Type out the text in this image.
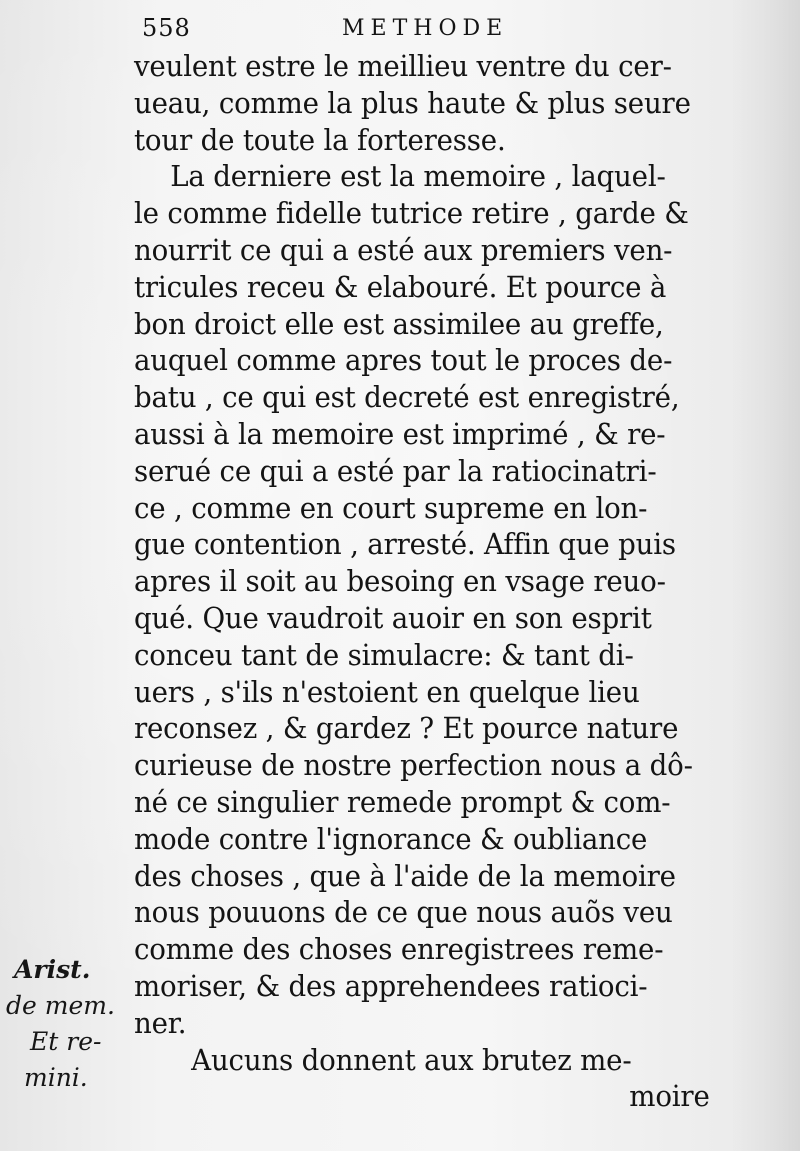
558	METHODE
veulent estre le meillieu ventre du cer-
ueau, comme la plus haute & plus seure
tour de toute la forteresse.
La derniere est la memoire , laquel-
le comme fidelle tutrice retire , garde &
nourrit ce qui a esté aux premiers ven-
tricules receu & elabouré. Et pource à
bon droict elle est assimilee au greffe,
auquel comme apres tout le proces de-
batu , ce qui est decreté est enregistré,
aussi à la memoire est imprimé , & re-
serué ce qui a esté par la ratiocinatri-
ce , comme en court supreme en lon-
gue contention , arresté. Affin que puis
apres il soit au besoing en vsage reuo-
qué. Que vaudroit auoir en son esprit
conceu tant de simulacre: & tant di-
uers , s'ils n'estoient en quelque lieu
reconsez , & gardez ? Et pource nature
curieuse de nostre perfection nous a dô-
né ce singulier remede prompt & com-
mode contre l'ignorance & oubliance
des choses , que à l'aide de la memoire
nous pouuons de ce que nous auõs veu
comme des choses enregistrees reme-
moriser, & des apprehendees ratioci-
ner.
Aucuns donnent aux brutez me-
moire
Arist.
de mem.
Et re-
mini.
